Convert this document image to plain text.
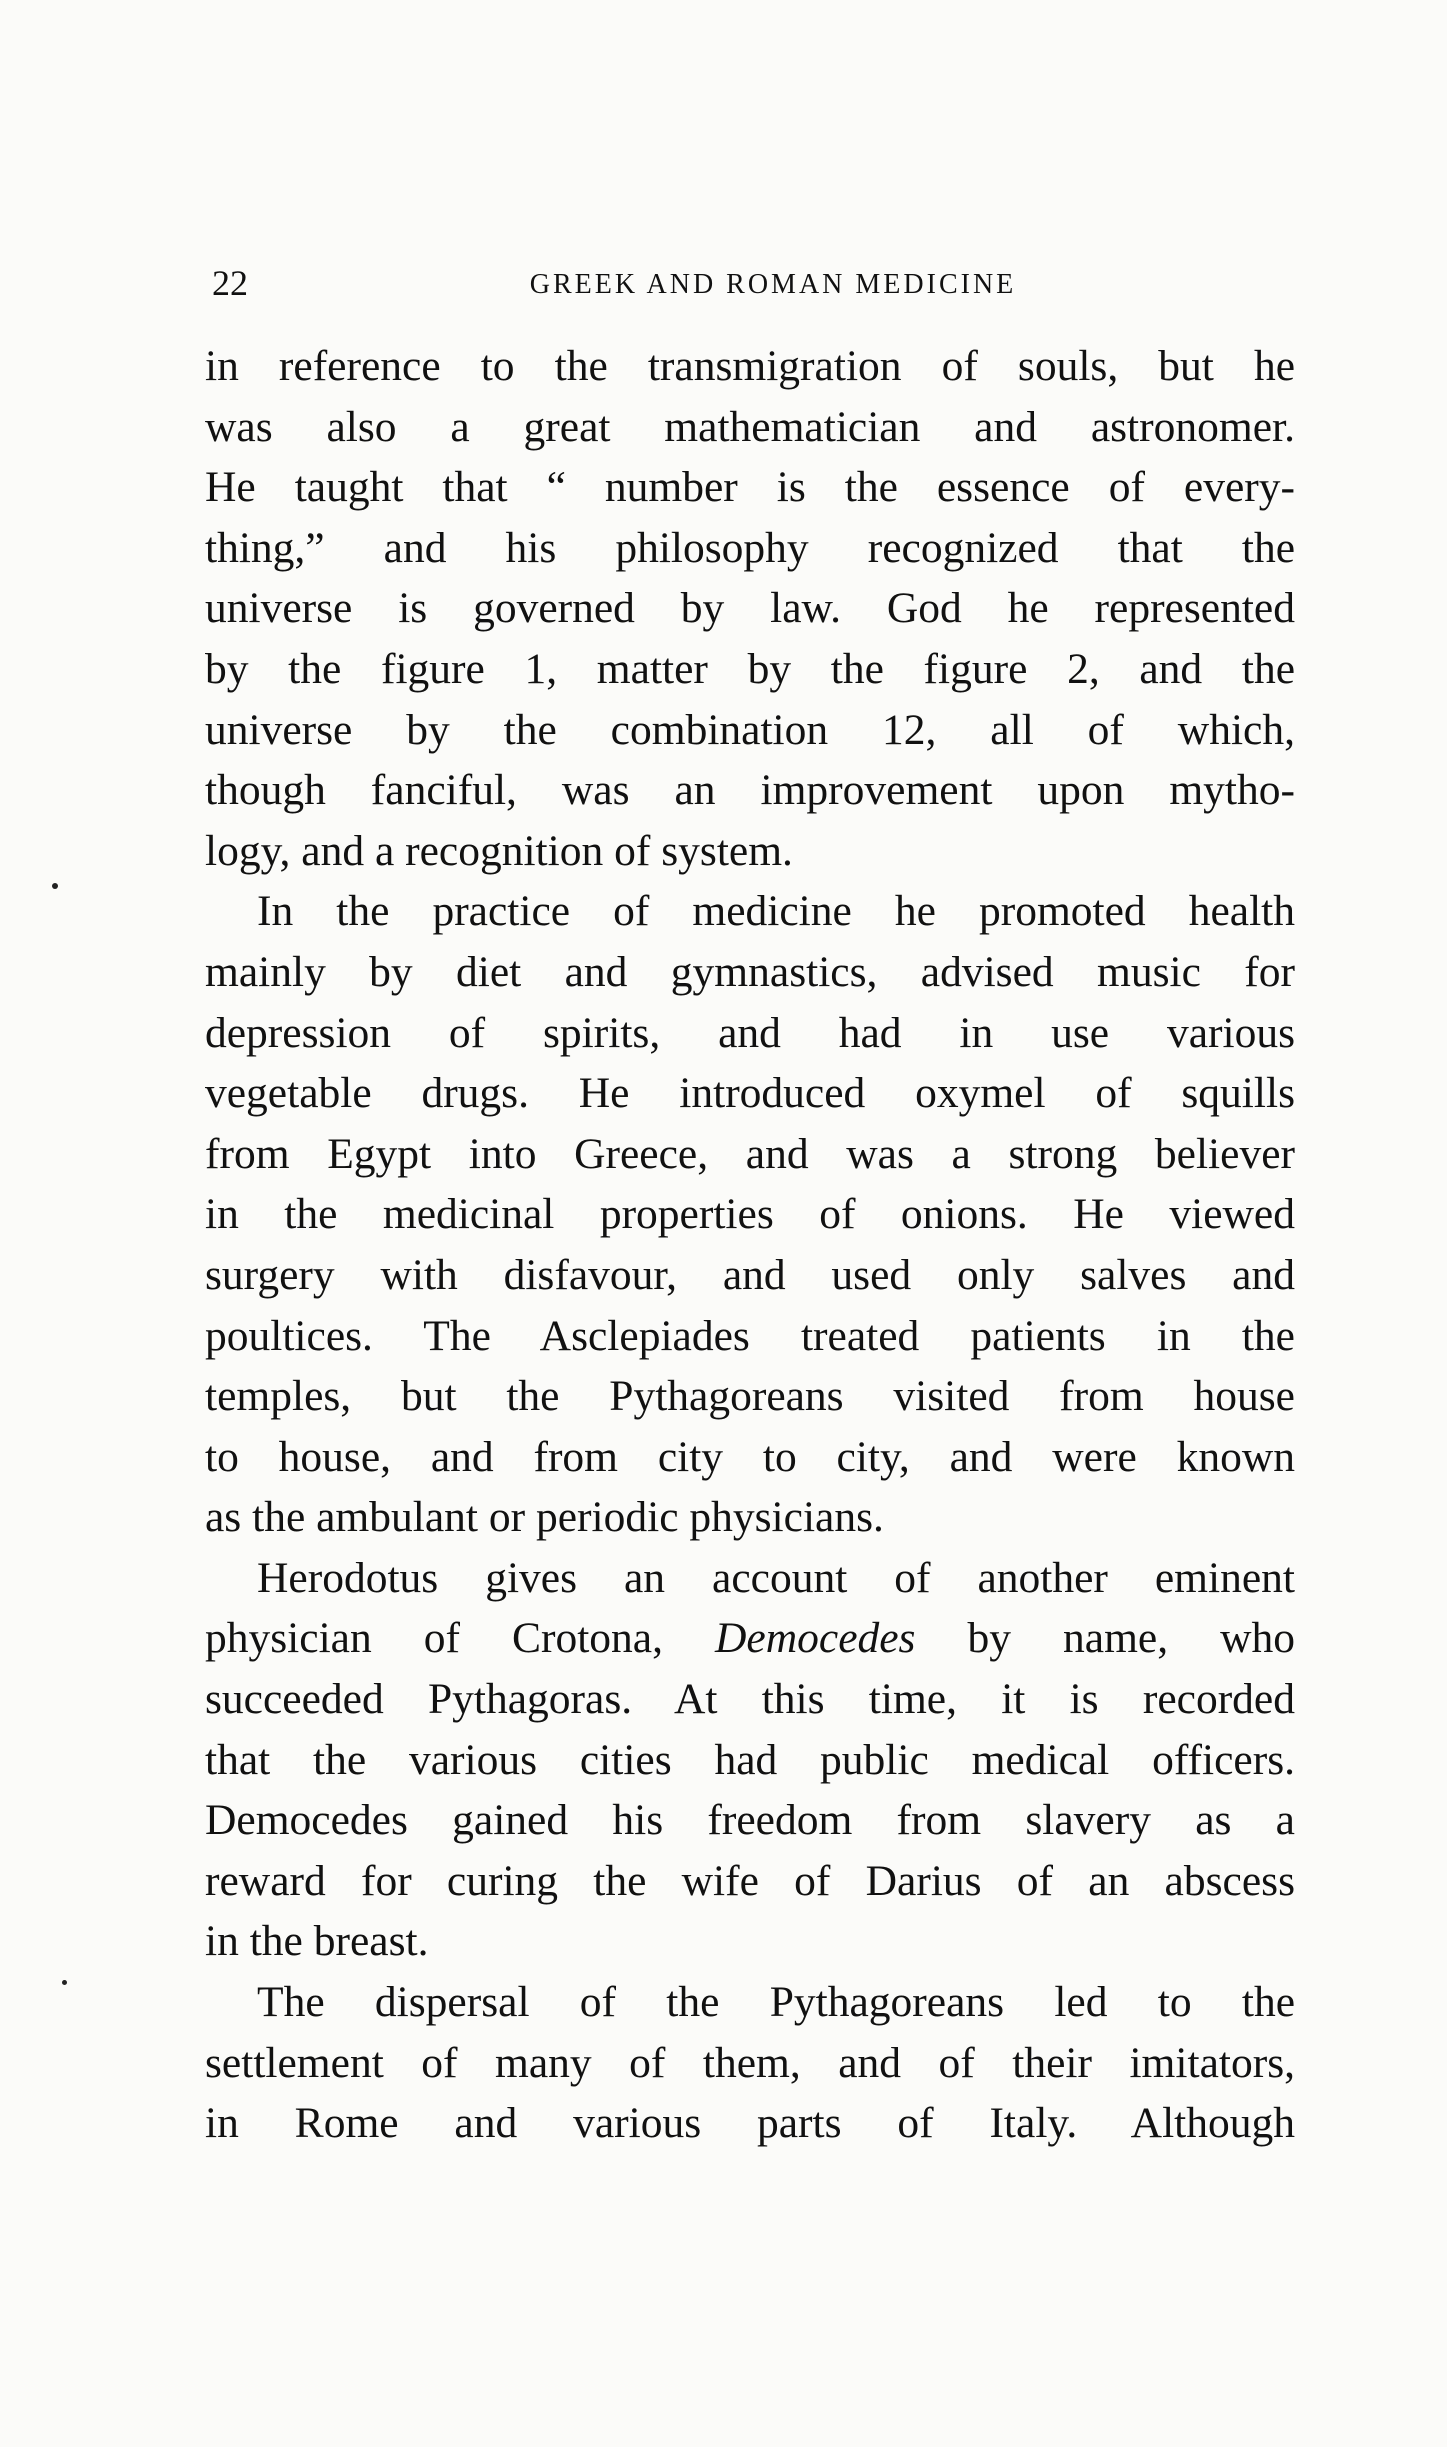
22	GREEK AND ROMAN MEDICINE
in reference to the transmigration of souls, but he
was also a great mathematician and astronomer.
He taught that “ number is the essence of every-
thing,” and his philosophy recognized that the
universe is governed by law. God he represented
by the figure 1, matter by the figure 2, and the
universe by the combination 12, all of which,
though fanciful, was an improvement upon mytho-
logy, and a recognition of system.
In the practice of medicine he promoted health
mainly by diet and gymnastics, advised music for
depression of spirits, and had in use various
vegetable drugs. He introduced oxymel of squills
from Egypt into Greece, and was a strong believer
in the medicinal properties of onions. He viewed
surgery with disfavour, and used only salves and
poultices. The Asclepiades treated patients in the
temples, but the Pythagoreans visited from house
to house, and from city to city, and were known
as the ambulant or periodic physicians.
Herodotus gives an account of another eminent
physician of Crotona, Democedes by name, who
succeeded Pythagoras. At this time, it is recorded
that the various cities had public medical officers.
Democedes gained his freedom from slavery as a
reward for curing the wife of Darius of an abscess
in the breast.
The dispersal of the Pythagoreans led to the
settlement of many of them, and of their imitators,
in Rome and various parts of Italy. Although
